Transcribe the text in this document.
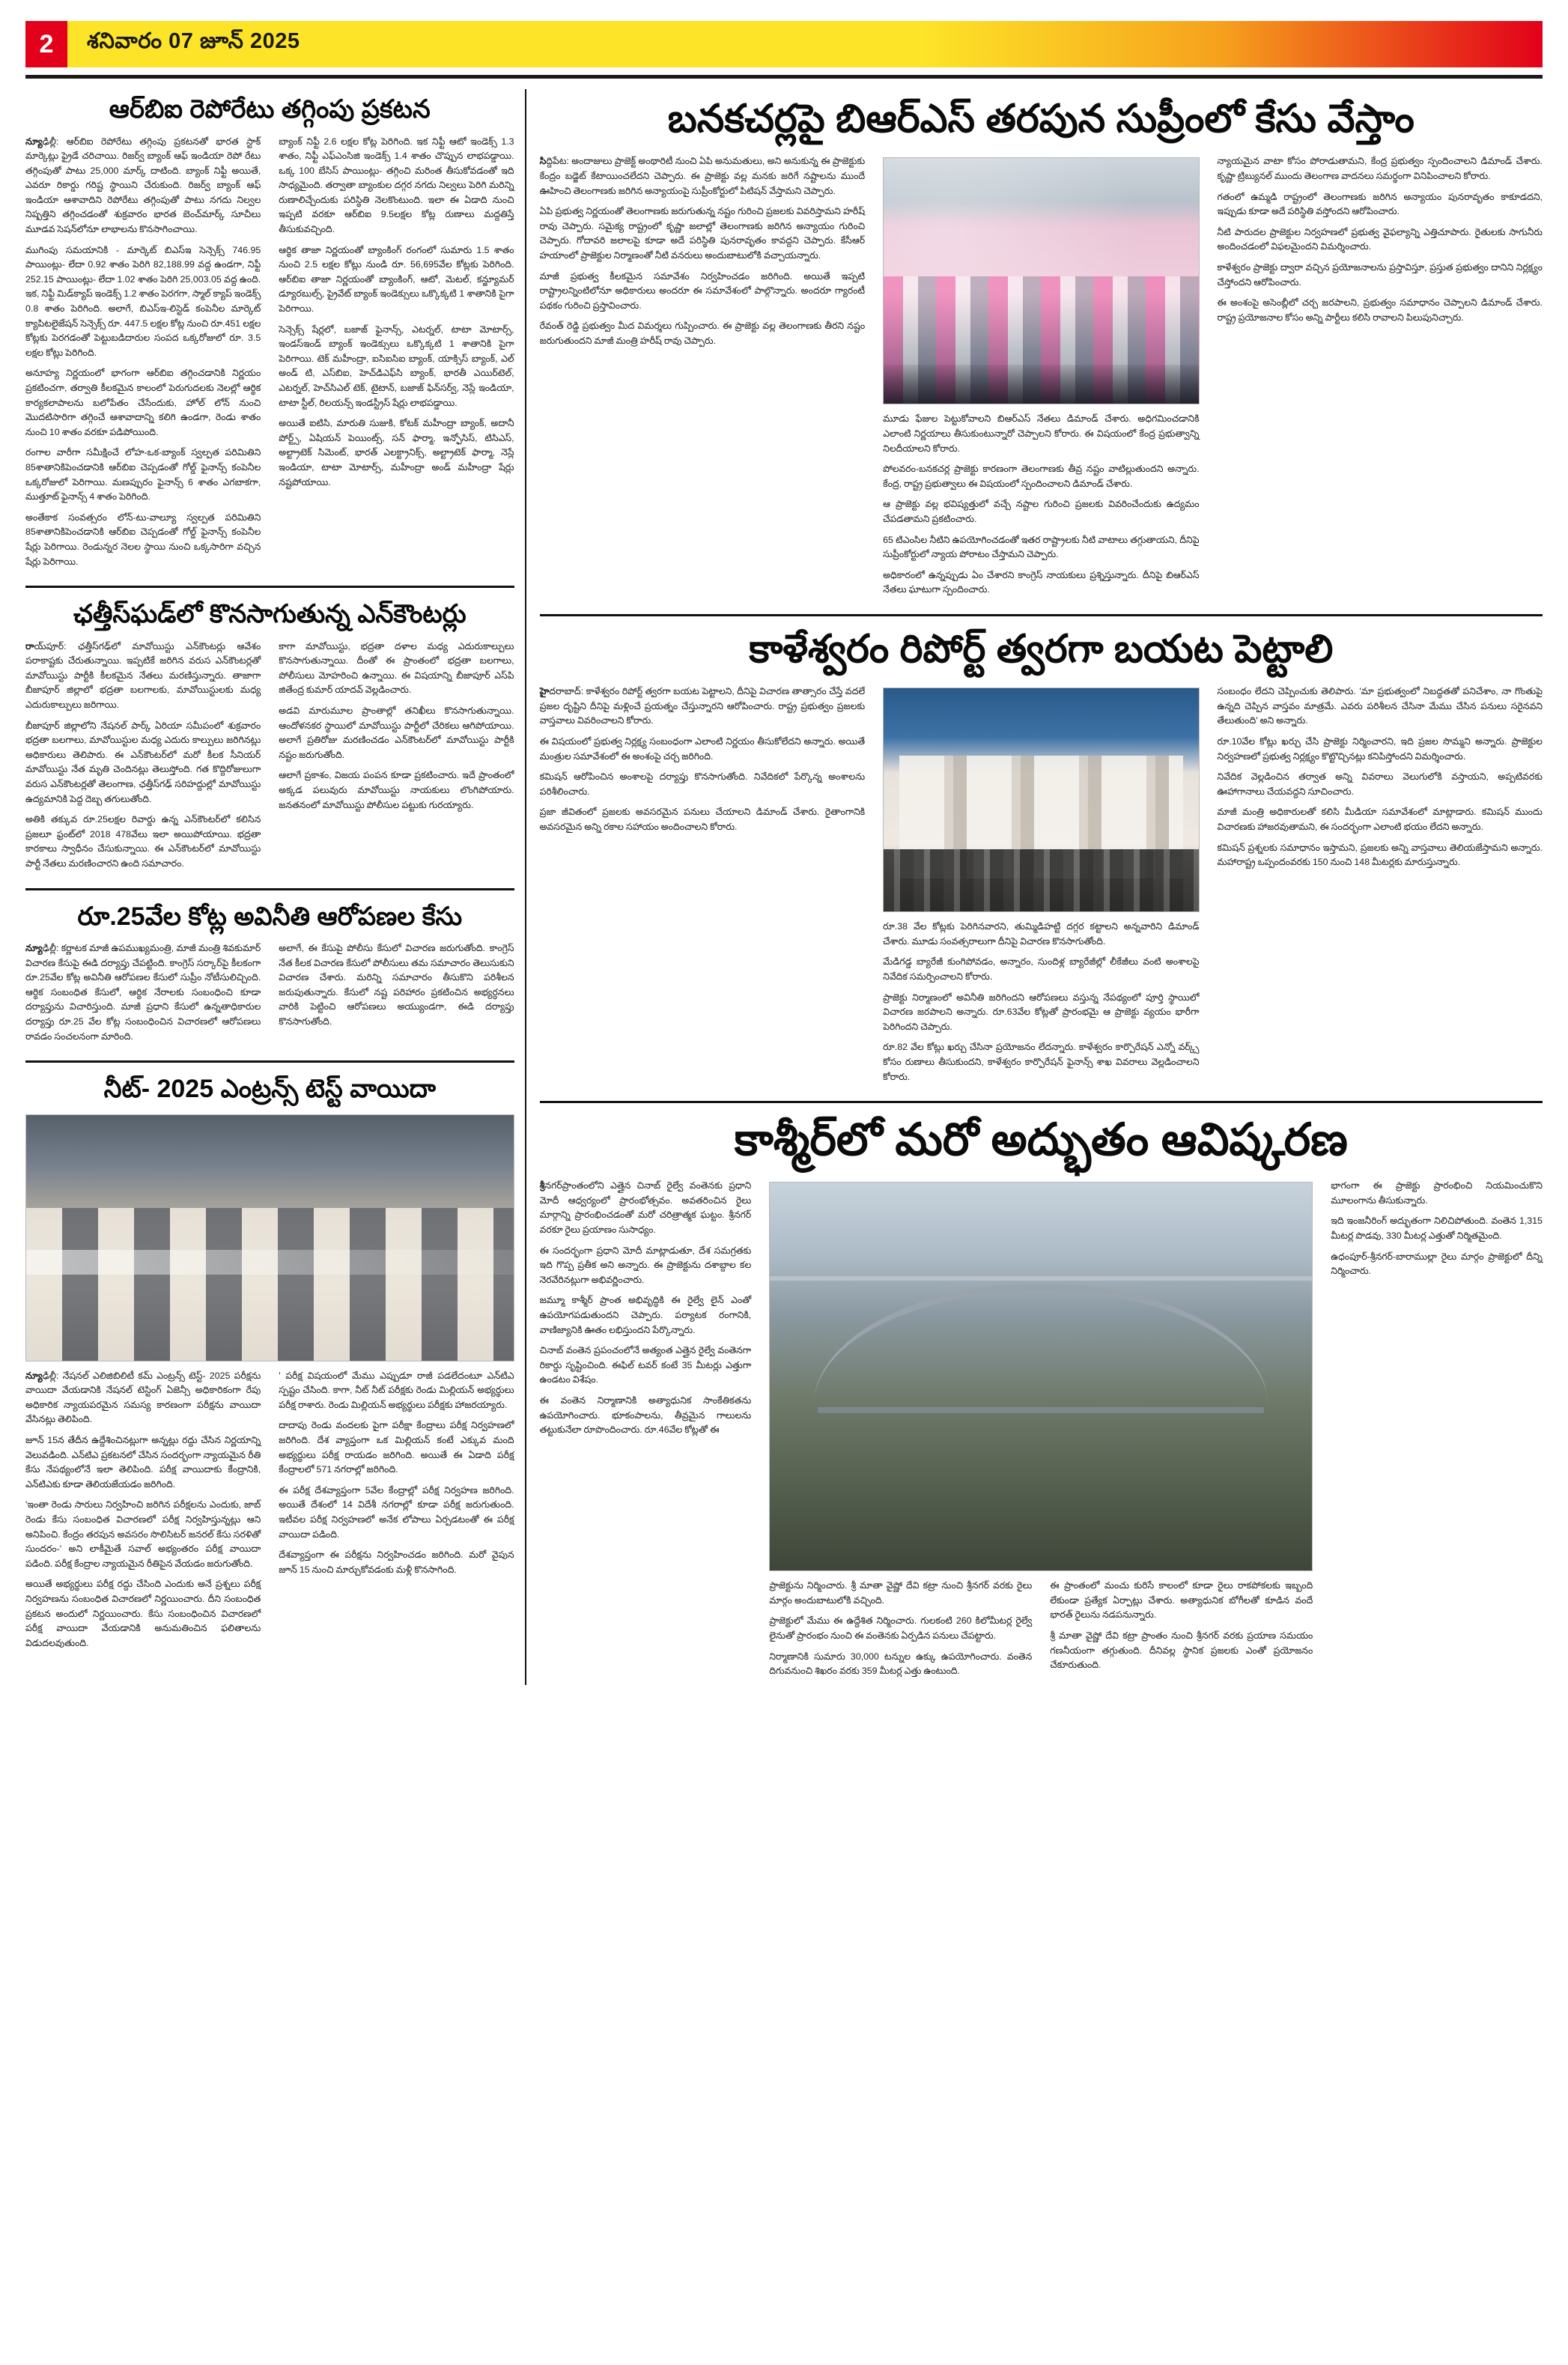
2	శనివారం 07 జూన్ 2025
ఆర్‌బిఐ రెపోరేటు తగ్గింపు ప్రకటన

న్యూఢిల్లీ: ఆర్‌బిఐ రెపోరేటు తగ్గింపు ప్రకటనతో భారత స్టాక్ మార్కెట్లు ఫ్రైడే చరిచాయి. రిజర్వ్ బ్యాంక్ ఆఫ్ ఇండియా రెపో రేటు తగ్గింపుతో పాటు 25,000 మార్క్ దాటింది. బ్యాంక్ నిఫ్టీ అయితే, ఎవరూ రికార్డు గరిష్ట స్థాయిని చేరుకుంది. రిజర్వ్ బ్యాంక్ ఆఫ్ ఇండియా ఆశావాదిని రెపోరేటు తగ్గింపుతో పాటు నగదు నిల్వల నిష్పత్తిని తగ్గించడంతో శుక్రవారం భారత బెంచ్‌మార్క్ సూచీలు మూడవ సెషన్‌లోనూ లాభాలను కొనసాగించాయి.

ముగింపు సమయానికి - మార్కెట్ బిఎస్‌ఇ సెన్సెక్స్ 746.95 పాయింట్లు- లేదా 0.92 శాతం పెరిగి 82,188.99 వద్ద ఉండగా, నిఫ్టీ 252.15 పాయింట్లు- లేదా 1.02 శాతం పెరిగి 25,003.05 వద్ద ఉంది. ఇక, నిఫ్టీ మిడ్‌క్యాప్ ఇండెక్స్ 1.2 శాతం పెరగగా, స్మాల్ క్యాప్ ఇండెక్స్ 0.8 శాతం పెరిగింది. అలాగే, బిఎస్‌ఇ-లిస్టెడ్ కంపెనీల మార్కెట్ క్యాపిటలైజేషన్ సెన్సెక్స్ రూ. 447.5 లక్షల కోట్ల నుంచి రూ.451 లక్షల కోట్లకు పెరగడంతో పెట్టుబడిదారుల సంపద ఒక్కరోజులో రూ. 3.5 లక్షల కోట్లు పెరిగింది.

అనూహ్య నిర్ణయంలో భాగంగా ఆర్‌బిఐ తగ్గించడానికి నిర్ణయం ప్రకటించగా, తర్వాతి కీలకమైన కాలంలో పెరుగుదలకు నెలల్లో ఆర్థిక కార్యకలాపాలను బలోపేతం చేసేందుకు, హోల్ లోన్ నుంచి మొదటిసారిగా తగ్గించే ఆశావాదాన్ని కలిగి ఉండగా, రెండు శాతం నుంచి 10 శాతం వరకూ పడిపోయింది.

రంగాల వారీగా సమీక్షించే లోహ-ఒక-బ్యాంక్ స్వల్పత పరిమితిని 85శాతానికిపెంచడానికి ఆర్‌బిఐ చెప్పడంతో గోల్డ్ ఫైనాన్స్ కంపెనీల ఒక్కరోజులో పెరిగాయి. మణప్పురం ఫైనాన్స్ 6 శాతం ఎగబాకగా, ముత్తూట్ ఫైనాన్స్ 4 శాతం పెరిగింది.

అంతేకాక సంవత్సరం లోన్-టు-వాల్యూ స్వల్పత పరిమితిని 85శాతానికిపెంచడానికి ఆర్‌బిఐ చెప్పడంతో గోల్డ్ ఫైనాన్స్ కంపెనీల షేర్లు పెరిగాయి. రెండున్నర నెలల స్థాయి నుంచి ఒక్కసారిగా వచ్చిన షేర్లు పెరిగాయి.

బ్యాంక్ నిఫ్టీ 2.6 లక్షల కోట్ల పెరిగింది. ఇక నిఫ్టీ ఆటో ఇండెక్స్ 1.3 శాతం, నిఫ్టీ ఎఫ్‌ఎంసిజి ఇండెక్స్ 1.4 శాతం చొప్పున లాభపడ్డాయి. ఒక్క 100 బేసిస్ పాయింట్లు- తగ్గించి మరింత తీసుకోవడంతో ఇది సాధ్యమైంది. తర్వాతా బ్యాంకుల దగ్గర నగదు నిల్వలు పెరిగి మరిన్ని రుణాలిచ్చేందుకు పరిస్థితి నెలకొంటుంది. ఇలా ఈ ఏడాది నుంచి ఇప్పటి వరకూ ఆర్‌బిఐ 9.5లక్షల కోట్ల రుణాలు మద్దతిస్తే తీసుకువచ్చింది.

ఆర్థిక తాజా నిర్ణయంతో బ్యాంకింగ్ రంగంలో సుమారు 1.5 శాతం నుంచి 2.5 లక్షల కోట్లు నుండి రూ. 56,695వేల కోట్లకు పెరిగింది. ఆర్‌బిఐ తాజా నిర్ణయంతో బ్యాంకింగ్, ఆటో, మెటల్, కన్జ్యూమర్ డ్యూరబుల్స్, ప్రైవేట్ బ్యాంక్ ఇండెక్సులు ఒక్కొక్కటి 1 శాతానికి పైగా పెరిగాయి.

సెన్సెక్స్ షేర్లలో, బజాజ్ ఫైనాన్స్, ఎటర్నల్, టాటా మోటార్స్, ఇండస్‌ఇండ్ బ్యాంక్ ఇండెక్సులు ఒక్కొక్కటి 1 శాతానికి పైగా పెరిగాయి. టెక్ మహీంద్రా, ఐసిఐసిఐ బ్యాంక్, యాక్సిస్ బ్యాంక్, ఎల్ అండ్ టి, ఎస్‌బిఐ, హెచ్‌డిఎఫ్‌సి బ్యాంక్, భారతీ ఎయిర్‌టెల్, ఎటర్నల్, హెచ్‌సిఎల్ టెక్, టైటాన్, బజాజ్ ఫిన్‌సర్వ్, నెస్లే ఇండియా, టాటా స్టీల్, రిలయన్స్ ఇండస్ట్రీస్ షేర్లు లాభపడ్డాయి.

అయితే ఐటిసి, మారుతి సుజుకి, కోటక్ మహీంద్రా బ్యాంక్, అదానీ పోర్ట్స్, ఏషియన్ పెయింట్స్, సన్ ఫార్మా, ఇన్ఫోసిస్, టిసిఎస్, అల్ట్రాటెక్ సిమెంట్, భారత్ ఎలక్ట్రానిక్స్, అల్ట్రాటెక్ ఫార్మా, నెస్లే ఇండియా, టాటా మోటార్స్, మహీంద్రా అండ్ మహీంద్రా షేర్లు నష్టపోయాయి.

ఛత్తీస్‌ఘడ్‌లో కొనసాగుతున్న ఎన్‌కౌంటర్లు

రాయ్‌పూర్: ఛత్తీస్‌గఢ్‌లో మావోయిస్టు ఎన్‌కౌంటర్లు ఆవేశం పరాకాష్టకు చేరుతున్నాయి. ఇప్పటికే జరిగిన వరుస ఎన్‌కౌంటర్లతో మావోయిస్టు పార్టీకి కీలకమైన నేతలు మరణిస్తున్నారు. తాజాగా బీజాపూర్ జిల్లాలో భద్రతా బలగాలకు, మావోయిస్టులకు మధ్య ఎదురుకాల్పులు జరిగాయి.

బీజాపూర్ జిల్లాలోని నేషనల్ పార్క్ ఏరియా సమీపంలో శుక్రవారం భద్రతా బలగాలు, మావోయిస్టుల మధ్య ఎదురు కాల్పులు జరిగినట్లు అధికారులు తెలిపారు. ఈ ఎన్‌కౌంటర్‌లో మరో కీలక సీనియర్ మావోయిస్టు నేత మృతి చెందినట్లు తెలుస్తోంది. గత కొద్దిరోజులుగా వరుస ఎన్‌కౌంటర్లతో తెలంగాణ, ఛత్తీస్‌గఢ్ సరిహద్దుల్లో మావోయిస్టు ఉద్యమానికి పెద్ద దెబ్బ తగులుతోంది.

అతికి తక్కువ రూ.25లక్షల రివార్డు ఉన్న ఎన్‌కౌంటర్‌లో కలిసిన ప్రజలూ ఫ్రంట్‌లో 2018 478వేలు ఇలా అయిపోయాయి. భద్రతా కారకాలు స్వాధీనం చేసుకున్నాయి. ఈ ఎన్‌కౌంటర్‌లో మావోయిస్టు పార్టీ నేతలు మరణించారని ఉంది సమాచారం.

కాగా మావోయిస్టు, భద్రతా దళాల మధ్య ఎదురుకాల్పులు కొనసాగుతున్నాయి. దీంతో ఈ ప్రాంతంలో భద్రతా బలగాలు, పోలీసులు మోహరించి ఉన్నాయి. ఈ విషయాన్ని బీజాపూర్ ఎస్‌పి జితేంద్ర కుమార్ యాదవ్ వెల్లడించారు.

అడవి మారుమూల ప్రాంతాల్లో తనిఖీలు కొనసాగుతున్నాయి. ఆందోళనకర స్థాయిలో మావోయిస్టు పార్టీలో చేరికలు ఆగిపోయాయి. అలాగే ప్రతిరోజు మరణించడం ఎన్‌కౌంటర్‌లో మావోయిస్టు పార్టీకి నష్టం జరుగుతోంది.

ఆలాగే ప్రకాశం, విజయ పంపన కూడా ప్రకటించారు. ఇదే ప్రాంతంలో అక్కడ పలువురు మావోయిస్టు నాయకులు లొంగిపోయారు. జనతనంలో మావోయిస్టు పోలీసుల పట్టుకు గురయ్యారు.

రూ.25వేల కోట్ల అవినీతి ఆరోపణల కేసు

న్యూఢిల్లీ: కర్ణాటక మాజీ ఉపముఖ్యమంత్రి, మాజీ మంత్రి శివకుమార్ విచారణ కేసుపై ఈడి దర్యాప్తు చేపట్టింది. కాంగ్రెస్ సర్కార్‌పై కీలకంగా రూ.25వేల కోట్ల అవినీతి ఆరోపణల కేసులో సుప్రీం నోటీసులిచ్చింది. ఆర్థిక సంబంధిత కేసులో, ఆర్థిక నేరాలకు సంబంధించి కూడా దర్యాప్తును విచారిస్తుంది. మాజీ ప్రధాని కేసులో ఉన్నతాధికారుల దర్యాప్తు రూ.25 వేల కోట్ల సంబంధించిన విచారణలో ఆరోపణలు రావడం సంచలనంగా మారింది.

అలాగే, ఈ కేసుపై పోలీసు కేసులో విచారణ జరుగుతోంది. కాంగ్రెస్ నేత కీలక విచారణ కేసులో పోలీసులు తమ సమాచారం తెలుసుకుని విచారణ చేశారు. మరిన్ని సమాచారం తీసుకొని పరిశీలన జరుపుతున్నారు. కేసులో నష్ట పరిహారం ప్రకటించిన అభ్యర్ధనలు వారికి పెట్టించి ఆరోపణలు అయ్యుండగా, ఈడి దర్యాప్తు కొనసాగుతోంది.

నీట్- 2025 ఎంట్రన్స్ టెస్ట్ వాయిదా

న్యూఢిల్లీ: నేషనల్ ఎలిజిబిలిటీ కమ్ ఎంట్రన్స్ టెస్ట్- 2025 పరీక్షను వాయిదా వేయడానికి నేషనల్ టెస్టింగ్ ఏజెన్సీ అధికారికంగా రేపు అధికారిక న్యాయపరమైన సమస్య కారణంగా పరీక్షను వాయిదా వేసినట్లు తెలిపింది.

జూన్ 15న తేదీన ఉద్దేశించినట్లుగా అన్నట్లు రద్దు చేసిన నిర్ణయాన్ని వెలువడింది. ఎన్‌టిఎ ప్రకటనలో చేసిన సందర్భంగా న్యాయమైన రీతి కేసు నేపథ్యంలోనే ఇలా తెలిపింది. పరీక్ష వాయిదాకు కేంద్రానికి, ఎన్‌టిఎకు కూడా తెలియజేయడం జరిగింది.

'ఇంతా రెండు సారులు నిర్వహించి జరిగిన పరీక్షలను ఎందుకు, జాబ్ రెండు కేసు సంబంధిత విచారణలో పరీక్ష నిర్వహిస్తున్నట్లు ఆని అనిపించి. కేంద్రం తరపున అవసరం సొలిసిటర్ జనరల్ కేసు సరళితో సుందరం-' అని లాకీమైతే సవాల్ అభ్యంతరం పరీక్ష వాయిదా పడింది. పరీక్ష కేంద్రాల న్యాయమైన రీతిపైన వేయడం జరుగుతోంది.

అయితే అభ్యర్థులు పరీక్ష రద్దు చేసింది ఎందుకు అనే ప్రశ్నలు పరీక్ష నిర్వహణను సంబంధిత విచారణలో నిర్ణయించారు. దీని సంబంధిత ప్రకటన అందులో నిర్ణయించారు. కేసు సంబంధించిన విచారణలో పరీక్ష వాయిదా వేయడానికి అనుమతించిన ఫలితాలను విడుదలవుతుంది.

' పరీక్ష విషయంలో మేము ఎప్పుడూ రాజీ పడలేదంటూ ఎన్‌టిఎ స్పష్టం చేసింది. కాగా, నీట్ నీట్ పరీక్షకు రెండు మిల్లియన్ అభ్యర్థులు పరీక్ష రాశారు. రెండు మిల్లియన్ అభ్యర్థులు పరీక్షకు హాజరయ్యారు.

దాదాపు రెండు వందలకు పైగా పరీక్షా కేంద్రాలు పరీక్ష నిర్వహణలో జరిగింది. దేశ వ్యాప్తంగా ఒక మిల్లియన్ కంటే ఎక్కువ మంది అభ్యర్థులు పరీక్ష రాయడం జరిగింది. అయితే ఈ ఏడాది పరీక్ష కేంద్రాలలో 571 నగరాల్లో జరిగింది.

ఈ పరీక్ష దేశవ్యాప్తంగా 5వేల కేంద్రాల్లో పరీక్ష నిర్వహణ జరిగింది. అయితే దేశంలో 14 విదేశీ నగరాల్లో కూడా పరీక్ష జరుగుతుంది. ఇటీవల పరీక్ష నిర్వహణలో అనేక లోపాలు ఏర్పడటంతో ఈ పరీక్ష వాయిదా పడింది.

దేశవ్యాప్తంగా ఈ పరీక్షను నిర్వహించడం జరిగింది. మరో వైపున జూన్ 15 నుంచి మార్చుకోవడంకు మళ్లీ కొనసాగింది.

బనకచర్లపై బిఆర్ఎస్ తరపున సుప్రీంలో కేసు వేస్తాం

సిద్దిపేట: అందాజులు ప్రాజెక్ట్ అంథారిటీ నుంచి ఏపి అనుమతులు, అని అనుకున్న ఈ ప్రాజెక్టుకు కేంద్రం బడ్జెట్ కేటాయించలేదని చెప్పారు. ఈ ప్రాజెక్టు వల్ల మనకు జరిగే నష్టాలను ముందే ఊహించి తెలంగాణకు జరిగిన అన్యాయంపై సుప్రీంకోర్టులో పిటిషన్ వేస్తామని చెప్పారు.

ఏపి ప్రభుత్వ నిర్ణయంతో తెలంగాణకు జరుగుతున్న నష్టం గురించి ప్రజలకు వివరిస్తామని హరీష్ రావు చెప్పారు. సమైక్య రాష్ట్రంలో కృష్ణా జలాల్లో తెలంగాణకు జరిగిన అన్యాయం గురించి చెప్పారు. గోదావరి జలాలపై కూడా అదే పరిస్థితి పునరావృతం కావద్దని చెప్పారు. కేసీఆర్ హయాంలో ప్రాజెక్టుల నిర్మాణంతో నీటి వనరులు అందుబాటులోకి వచ్చాయన్నారు.

మాజీ ప్రభుత్వ కీలకమైన సమావేశం నిర్వహించడం జరిగింది. అయితే ఇప్పటి రాష్ట్రాలన్నింటిలోనూ అధికారులు అందరూ ఈ సమావేశంలో పాల్గొన్నారు. అందరూ గ్యారంటీ పథకం గురించి ప్రస్తావించారు.

రేవంత్ రెడ్డి ప్రభుత్వం మీద విమర్శలు గుప్పించారు. ఈ ప్రాజెక్టు వల్ల తెలంగాణకు తీరని నష్టం జరుగుతుందని మాజీ మంత్రి హరీష్ రావు చెప్పారు.

మూడు ఫేజుల పెట్టుకోవాలని బిఆర్ఎస్ నేతలు డిమాండ్ చేశారు. అధిగమించడానికి ఎలాంటి నిర్ణయాలు తీసుకుంటున్నారో చెప్పాలని కోరారు. ఈ విషయంలో కేంద్ర ప్రభుత్వాన్ని నిలదీయాలని కోరారు.

పోలవరం-బనకచర్ల ప్రాజెక్టు కారణంగా తెలంగాణకు తీవ్ర నష్టం వాటిల్లుతుందని అన్నారు. కేంద్ర, రాష్ట్ర ప్రభుత్వాలు ఈ విషయంలో స్పందించాలని డిమాండ్ చేశారు.

ఆ ప్రాజెక్టు వల్ల భవిష్యత్తులో వచ్చే నష్టాల గురించి ప్రజలకు వివరించేందుకు ఉద్యమం చేపడతామని ప్రకటించారు.

65 టిఎంసిల నీటిని ఉపయోగించడంతో ఇతర రాష్ట్రాలకు నీటి వాటాలు తగ్గుతాయని, దీనిపై సుప్రీంకోర్టులో న్యాయ పోరాటం చేస్తామని చెప్పారు.

అధికారంలో ఉన్నప్పుడు ఏం చేశారని కాంగ్రెస్ నాయకులు ప్రశ్నిస్తున్నారు. దీనిపై బిఆర్ఎస్ నేతలు ఘాటుగా స్పందించారు.

న్యాయమైన వాటా కోసం పోరాడుతామని, కేంద్ర ప్రభుత్వం స్పందించాలని డిమాండ్ చేశారు. కృష్ణా ట్రిబ్యునల్ ముందు తెలంగాణ వాదనలు సమర్థంగా వినిపించాలని కోరారు.

గతంలో ఉమ్మడి రాష్ట్రంలో తెలంగాణకు జరిగిన అన్యాయం పునరావృతం కాకూడదని, ఇప్పుడు కూడా అదే పరిస్థితి వస్తోందని ఆరోపించారు.

నీటి పారుదల ప్రాజెక్టుల నిర్వహణలో ప్రభుత్వ వైఫల్యాన్ని ఎత్తిచూపారు. రైతులకు సాగునీరు అందించడంలో విఫలమైందని విమర్శించారు.

కాళేశ్వరం ప్రాజెక్టు ద్వారా వచ్చిన ప్రయోజనాలను ప్రస్తావిస్తూ, ప్రస్తుత ప్రభుత్వం దానిని నిర్లక్ష్యం చేస్తోందని ఆరోపించారు.

ఈ అంశంపై అసెంబ్లీలో చర్చ జరపాలని, ప్రభుత్వం సమాధానం చెప్పాలని డిమాండ్ చేశారు. రాష్ట్ర ప్రయోజనాల కోసం అన్ని పార్టీలు కలిసి రావాలని పిలుపునిచ్చారు.

కాళేశ్వరం రిపోర్ట్ త్వరగా బయట పెట్టాలి

హైదరాబాద్: కాళేశ్వరం రిపోర్ట్ త్వరగా బయట పెట్టాలని, దీనిపై విచారణ తాత్సారం చేస్తే వదలే ప్రజల దృష్టిని దీనిపై మళ్లించే ప్రయత్నం చేస్తున్నారని ఆరోపించారు. రాష్ట్ర ప్రభుత్వం ప్రజలకు వాస్తవాలు వివరించాలని కోరారు.

ఈ విషయంలో ప్రభుత్వ నిర్లక్ష్య సంబంధంగా ఎలాంటి నిర్ణయం తీసుకోలేదని అన్నారు. అయితే మంత్రుల సమావేశంలో ఈ అంశంపై చర్చ జరిగింది.

కమిషన్ ఆరోపించిన అంశాలపై దర్యాప్తు కొనసాగుతోంది. నివేదికలో పేర్కొన్న అంశాలను పరిశీలించారు.

ప్రజా జీవితంలో ప్రజలకు అవసరమైన పనులు చేయాలని డిమాండ్ చేశారు. రైతాంగానికి అవసరమైన అన్ని రకాల సహాయం అందించాలని కోరారు.

రూ.38 వేల కోట్లకు పెరిగినవారని, తుమ్మిడిహట్టి దగ్గర కట్టాలని అన్నవారిని డిమాండ్ చేశారు. మూడు సంవత్సరాలుగా దీనిపై విచారణ కొనసాగుతోంది.

మేడిగడ్డ బ్యారేజీ కుంగిపోవడం, అన్నారం, సుందిళ్ల బ్యారేజీల్లో లీకేజీలు వంటి అంశాలపై నివేదిక సమర్పించాలని కోరారు.

ప్రాజెక్టు నిర్మాణంలో అవినీతి జరిగిందని ఆరోపణలు వస్తున్న నేపథ్యంలో పూర్తి స్థాయిలో విచారణ జరపాలని అన్నారు. రూ.63వేల కోట్లతో ప్రారంభమై ఆ ప్రాజెక్టు వ్యయం భారీగా పెరిగిందని చెప్పారు.

రూ.82 వేల కోట్లు ఖర్చు చేసినా ప్రయోజనం లేదన్నారు. కాళేశ్వరం కార్పొరేషన్ ఎన్నో వర్క్స్ కోసం రుణాలు తీసుకుందని, కాళేశ్వరం కార్పొరేషన్ ఫైనాన్స్ శాఖ వివరాలు వెల్లడించాలని కోరారు.

సంబంధం లేదని చెప్పించుకు తెలిపారు. 'మా ప్రభుత్వంలో నిబద్ధతతో పనిచేశాం, నా గొంతుపై ఉన్నది చెప్పిన వాస్తవం మాత్రమే. ఎవరు పరిశీలన చేసినా మేము చేసిన పనులు సరైనవని తేలుతుంది' అని అన్నారు.

రూ.10వేల కోట్లు ఖర్చు చేసి ప్రాజెక్టు నిర్మించారని, ఇది ప్రజల సొమ్మని అన్నారు. ప్రాజెక్టుల నిర్వహణలో ప్రభుత్వ నిర్లక్ష్యం కొట్టొచ్చినట్లు కనిపిస్తోందని విమర్శించారు.

నివేదిక వెల్లడించిన తర్వాత అన్ని వివరాలు వెలుగులోకి వస్తాయని, అప్పటివరకు ఊహాగానాలు చేయవద్దని సూచించారు.

మాజీ మంత్రి అధికారులతో కలిసి మీడియా సమావేశంలో మాట్లాడారు. కమిషన్ ముందు విచారణకు హాజరవుతామని, ఈ సందర్భంగా ఎలాంటి భయం లేదని అన్నారు.

కమిషన్ ప్రశ్నలకు సమాధానం ఇస్తామని, ప్రజలకు అన్ని వాస్తవాలు తెలియజేస్తామని అన్నారు. మహారాష్ట్ర ఒప్పందంవరకు 150 నుంచి 148 మీటర్లకు మారుస్తున్నారు.

కాశ్మీర్‌లో మరో అద్భుతం ఆవిష్కరణ

శ్రీనగర్‌ప్రాంతంలోని ఎత్తైన చినాబ్ రైల్వే వంతెనకు ప్రధాని మోదీ ఆధ్వర్యంలో ప్రారంభోత్సవం. అవతరించిన రైలు మార్గాన్ని ప్రారంభించడంతో మరో చరిత్రాత్మక ఘట్టం. శ్రీనగర్ వరకూ రైలు ప్రయాణం సుసాధ్యం.

ఈ సందర్భంగా ప్రధాని మోదీ మాట్లాడుతూ, దేశ సమగ్రతకు ఇది గొప్ప ప్రతీక అని అన్నారు. ఈ ప్రాజెక్టును దశాబ్దాల కల నెరవేరినట్లుగా అభివర్ణించారు.

జమ్మూ కాశ్మీర్ ప్రాంత అభివృద్ధికి ఈ రైల్వే లైన్ ఎంతో ఉపయోగపడుతుందని చెప్పారు. పర్యాటక రంగానికి, వాణిజ్యానికి ఊతం లభిస్తుందని పేర్కొన్నారు.

చినాబ్ వంతెన ప్రపంచంలోనే అత్యంత ఎత్తైన రైల్వే వంతెనగా రికార్డు సృష్టించింది. ఈఫిల్ టవర్ కంటే 35 మీటర్లు ఎత్తుగా ఉండటం విశేషం.

ఈ వంతెన నిర్మాణానికి అత్యాధునిక సాంకేతికతను ఉపయోగించారు. భూకంపాలను, తీవ్రమైన గాలులను తట్టుకునేలా రూపొందించారు. రూ.46వేల కోట్లతో ఈ

ప్రాజెక్టును నిర్మించారు. శ్రీ మాతా వైష్ణో దేవి కట్రా నుంచి శ్రీనగర్ వరకు రైలు మార్గం అందుబాటులోకి వచ్చింది.

ప్రాజెక్టులో మేము ఈ ఉద్దేశిత నిర్మించారు. గులకంటి 260 కిలోమీటర్ల రైల్వే లైనుతో ప్రారంభం నుంచి ఈ వంతెనకు ఏర్పడిన పనులు చేపట్టారు.

నిర్మాణానికి సుమారు 30,000 టన్నుల ఉక్కు ఉపయోగించారు. వంతెన దిగువనుంచి శిఖరం వరకు 359 మీటర్ల ఎత్తు ఉంటుంది.

ఈ ప్రాంతంలో మంచు కురిసే కాలంలో కూడా రైలు రాకపోకలకు ఇబ్బంది లేకుండా ప్రత్యేక ఏర్పాట్లు చేశారు. అత్యాధునిక బోగీలతో కూడిన వందే భారత్ రైలును నడపనున్నారు.

శ్రీ మాతా వైష్ణో దేవి కట్రా ప్రాంతం నుంచి శ్రీనగర్ వరకు ప్రయాణ సమయం గణనీయంగా తగ్గుతుంది. దీనివల్ల స్థానిక ప్రజలకు ఎంతో ప్రయోజనం చేకూరుతుంది.

భాగంగా ఈ ప్రాజెక్టు ప్రారంభించి నియమించుకొని మూలంగాను తీసుకున్నారు.

ఇది ఇంజనీరింగ్ అద్భుతంగా నిలిచిపోతుంది. వంతెన 1,315 మీటర్ల పొడవు, 330 మీటర్ల ఎత్తుతో నిర్మితమైంది.

ఉధంపూర్-శ్రీనగర్-బారాముల్లా రైలు మార్గం ప్రాజెక్టులో దీన్ని నిర్మించారు.
